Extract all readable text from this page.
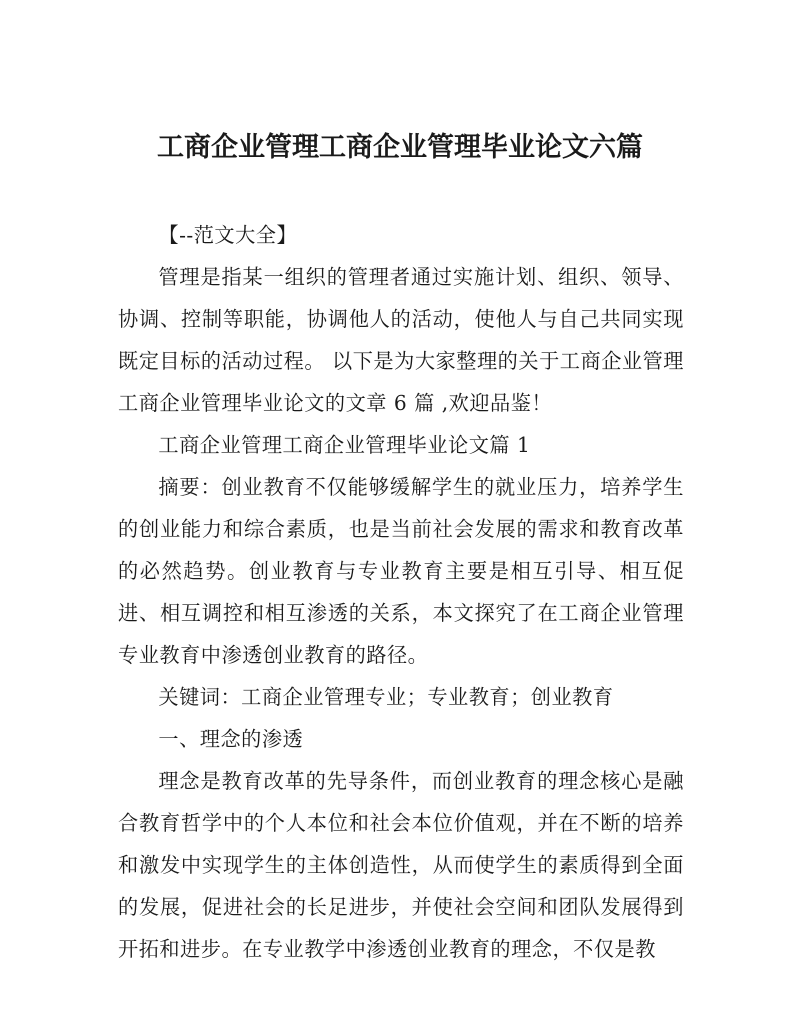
工商企业管理工商企业管理毕业论文六篇

【--范文大全】

管理是指某一组织的管理者通过实施计划、组织、领导、协调、控制等职能，协调他人的活动，使他人与自己共同实现既定目标的活动过程。 以下是为大家整理的关于工商企业管理工商企业管理毕业论文的文章 6 篇 ,欢迎品鉴！

工商企业管理工商企业管理毕业论文篇 1

摘要：创业教育不仅能够缓解学生的就业压力，培养学生的创业能力和综合素质，也是当前社会发展的需求和教育改革的必然趋势。创业教育与专业教育主要是相互引导、相互促进、相互调控和相互渗透的关系，本文探究了在工商企业管理专业教育中渗透创业教育的路径。

关键词：工商企业管理专业；专业教育；创业教育

一、理念的渗透

理念是教育改革的先导条件，而创业教育的理念核心是融合教育哲学中的个人本位和社会本位价值观，并在不断的培养和激发中实现学生的主体创造性，从而使学生的素质得到全面的发展，促进社会的长足进步，并使社会空间和团队发展得到开拓和进步。在专业教学中渗透创业教育的理念，不仅是教
